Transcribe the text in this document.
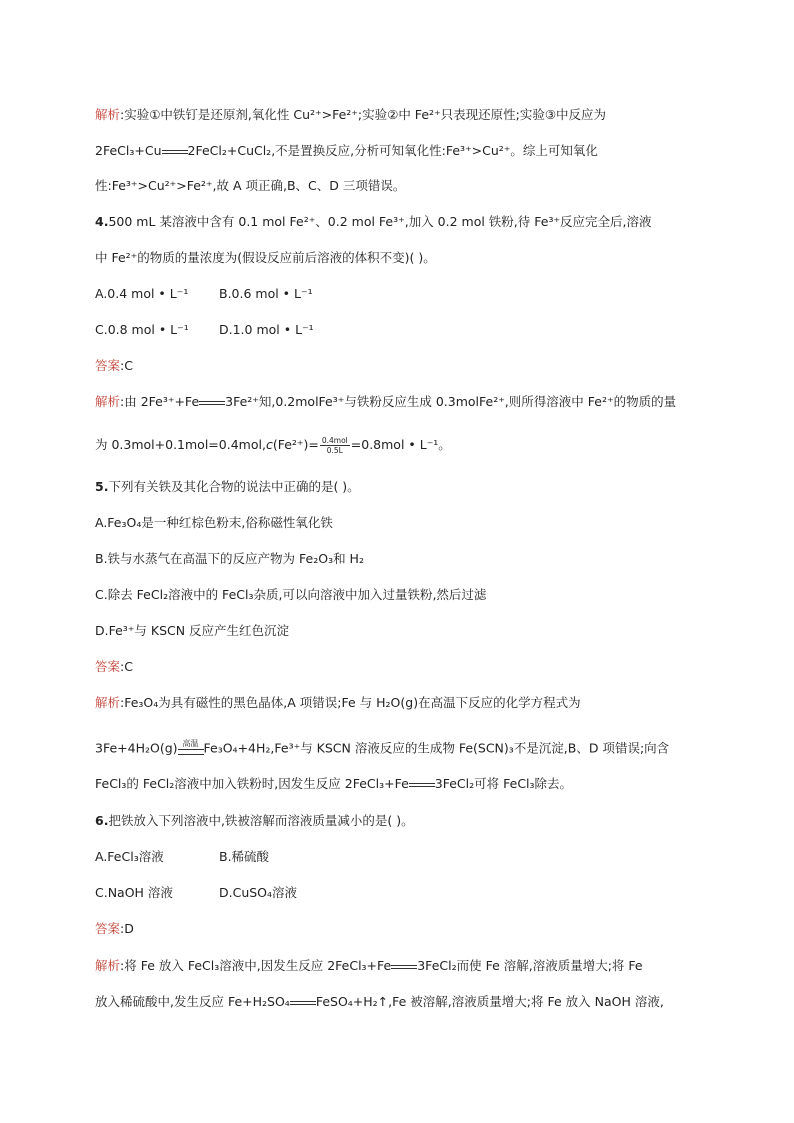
解析:实验①中铁钉是还原剂,氧化性 Cu²⁺>Fe²⁺;实验②中 Fe²⁺只表现还原性;实验③中反应为
2FeCl₃+Cu 2FeCl₂+CuCl₂,不是置换反应,分析可知氧化性:Fe³⁺>Cu²⁺。综上可知氧化
性:Fe³⁺>Cu²⁺>Fe²⁺,故 A 项正确,B、C、D 三项错误。
4.500 mL 某溶液中含有 0.1 mol Fe²⁺、0.2 mol Fe³⁺,加入 0.2 mol 铁粉,待 Fe³⁺反应完全后,溶液
中 Fe²⁺的物质的量浓度为(假设反应前后溶液的体积不变)( )。
A.0.4 mol • L⁻¹ B.0.6 mol • L⁻¹
C.0.8 mol • L⁻¹ D.1.0 mol • L⁻¹
答案:C
解析:由 2Fe³⁺+Fe 3Fe²⁺知,0.2molFe³⁺与铁粉反应生成 0.3molFe²⁺,则所得溶液中 Fe²⁺的物质的量
为 $0.3mol+0.1mol=0.4mol,c(Fe^{2+})= \frac{\text{0.4mol}}{0.5L} =0.8mol$ • L⁻¹。
5.下列有关铁及其化合物的说法中正确的是( )。
A.Fe₃O₄是一种红棕色粉末,俗称磁性氧化铁
B.铁与水蒸气在高温下的反应产物为 Fe₂O₃和 H₂
C.除去 FeCl₂溶液中的 FeCl₃杂质,可以向溶液中加入过量铁粉,然后过滤
D.Fe³⁺与 KSCN 反应产生红色沉淀
答案:C
解析:Fe₃O₄为具有磁性的黑色晶体,A 项错误;Fe 与 H₂O(g)在高温下反应的化学方程式为
3Fe+4H₂O(g) 高温 Fe₃O₄+4H₂,Fe³⁺与 KSCN 溶液反应的生成物 Fe(SCN)₃不是沉淀,B、D 项错误;向含
FeCl₃的 FeCl₂溶液中加入铁粉时,因发生反应 2FeCl₃+Fe 3FeCl₂可将 FeCl₃除去。
6.把铁放入下列溶液中,铁被溶解而溶液质量减小的是( )。
A.FeCl₃溶液	B.稀硫酸
C.NaOH 溶液	D.CuSO₄溶液
答案:D
解析:将 Fe 放入 FeCl₃溶液中,因发生反应 2FeCl₃+Fe 3FeCl₂而使 Fe 溶解,溶液质量增大;将 Fe
放入稀硫酸中,发生反应 Fe+H₂SO₄ FeSO₄+H₂↑,Fe 被溶解,溶液质量增大;将 Fe 放入 NaOH 溶液,
